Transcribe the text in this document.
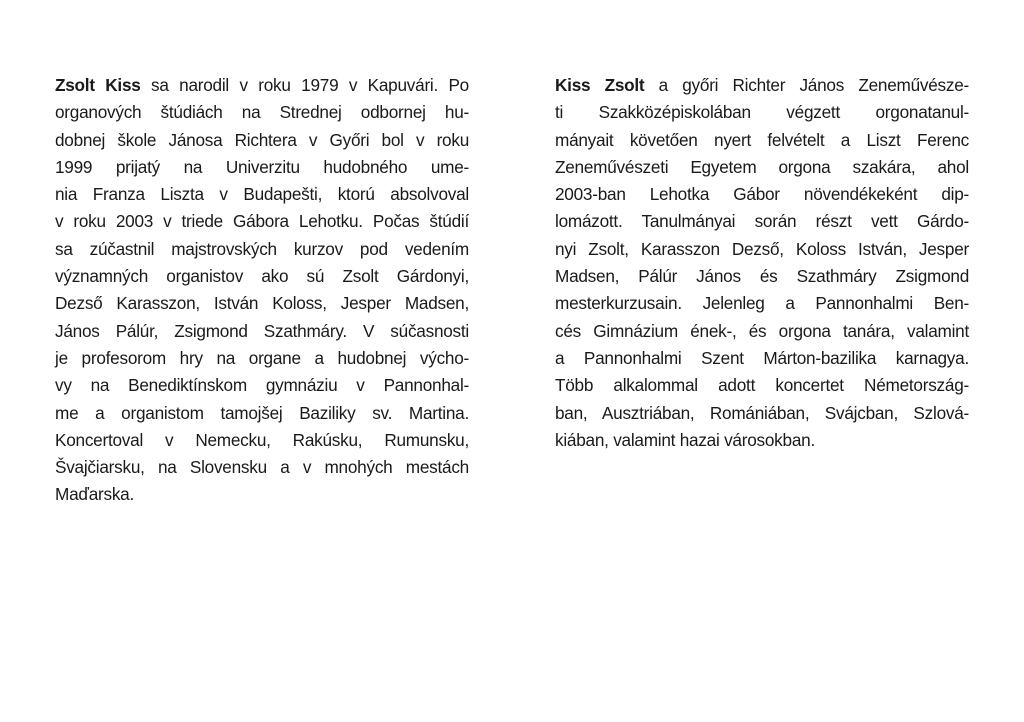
Zsolt Kiss sa narodil v roku 1979 v Kapuvári. Po
organových štúdiách na Strednej odbornej hu-
dobnej škole Jánosa Richtera v Győri bol v roku
1999 prijatý na Univerzitu hudobného ume-
nia Franza Liszta v Budapešti, ktorú absolvoval
v roku 2003 v triede Gábora Lehotku. Počas štúdií
sa zúčastnil majstrovských kurzov pod vedením
významných organistov ako sú Zsolt Gárdonyi,
Dezső Karasszon, István Koloss, Jesper Madsen,
János Pálúr, Zsigmond Szathmáry. V súčasnosti
je profesorom hry na organe a hudobnej výcho-
vy na Benediktínskom gymnáziu v Pannonhal-
me a organistom tamojšej Baziliky sv. Martina.
Koncertoval v Nemecku, Rakúsku, Rumunsku,
Švajčiarsku, na Slovensku a v mnohých mestách
Maďarska.
Kiss Zsolt a győri Richter János Zeneművésze-
ti Szakközépiskolában végzett orgonatanul-
mányait követően nyert felvételt a Liszt Ferenc
Zeneművészeti Egyetem orgona szakára, ahol
2003-ban Lehotka Gábor növendékeként dip-
lomázott. Tanulmányai során részt vett Gárdo-
nyi Zsolt, Karasszon Dezső, Koloss István, Jesper
Madsen, Pálúr János és Szathmáry Zsigmond
mesterkurzusain. Jelenleg a Pannonhalmi Ben-
cés Gimnázium ének-, és orgona tanára, valamint
a Pannonhalmi Szent Márton-bazilika karnagya.
Több alkalommal adott koncertet Németország-
ban, Ausztriában, Romániában, Svájcban, Szlová-
kiában, valamint hazai városokban.
